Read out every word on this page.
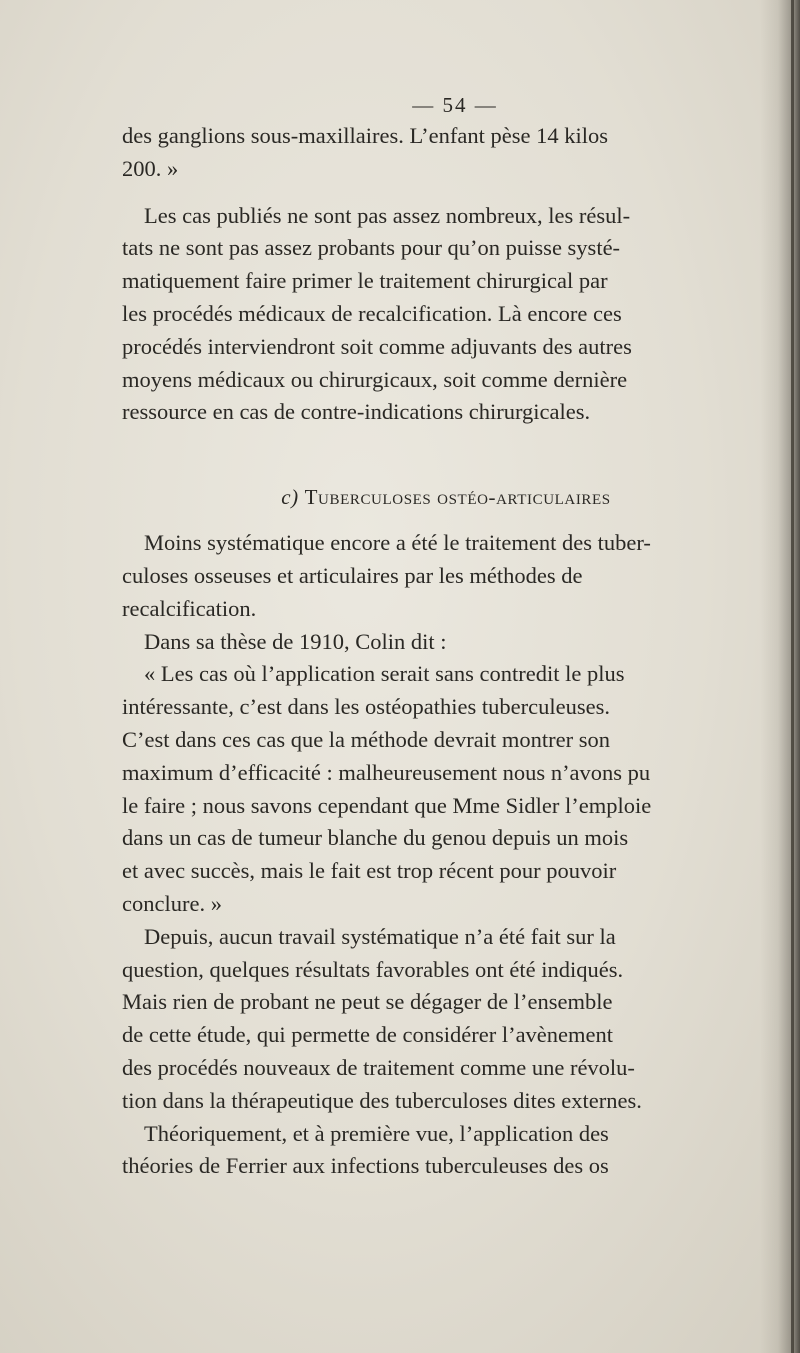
— 54 —

des ganglions sous-maxillaires. L’enfant pèse 14 kilos
200. »

Les cas publiés ne sont pas assez nombreux, les résul-
tats ne sont pas assez probants pour qu’on puisse systé-
matiquement faire primer le traitement chirurgical par
les procédés médicaux de recalcification. Là encore ces
procédés interviendront soit comme adjuvants des autres
moyens médicaux ou chirurgicaux, soit comme dernière
ressource en cas de contre-indications chirurgicales.

c) Tuberculoses ostéo-articulaires

Moins systématique encore a été le traitement des tuber-
culoses osseuses et articulaires par les méthodes de
recalcification.

Dans sa thèse de 1910, Colin dit :

« Les cas où l’application serait sans contredit le plus
intéressante, c’est dans les ostéopathies tuberculeuses.
C’est dans ces cas que la méthode devrait montrer son
maximum d’efficacité : malheureusement nous n’avons pu
le faire ; nous savons cependant que Mme Sidler l’emploie
dans un cas de tumeur blanche du genou depuis un mois
et avec succès, mais le fait est trop récent pour pouvoir
conclure. »

Depuis, aucun travail systématique n’a été fait sur la
question, quelques résultats favorables ont été indiqués.
Mais rien de probant ne peut se dégager de l’ensemble
de cette étude, qui permette de considérer l’avènement
des procédés nouveaux de traitement comme une révolu-
tion dans la thérapeutique des tuberculoses dites externes.

Théoriquement, et à première vue, l’application des
théories de Ferrier aux infections tuberculeuses des os
